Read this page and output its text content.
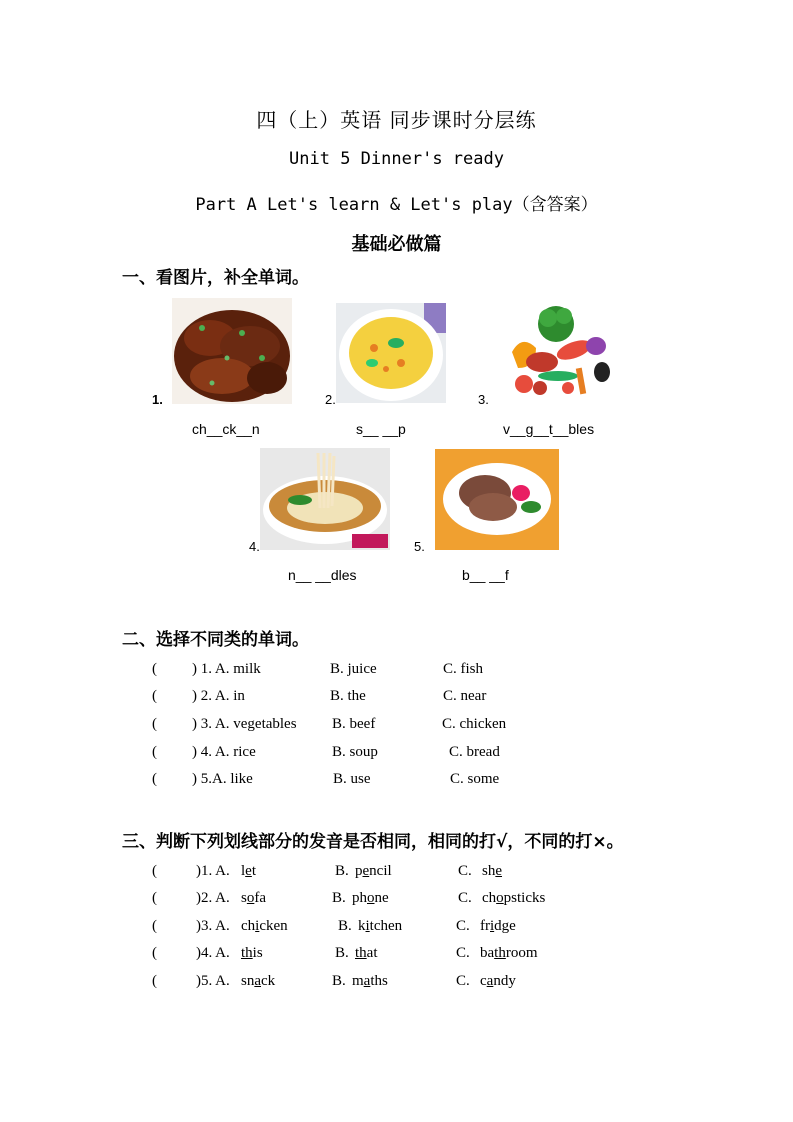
四（上）英语 同步课时分层练
Unit 5 Dinner's ready
Part A Let's learn & Let's play（含答案）
基础必做篇
一、看图片，补全单词。
1.	2.	3.
ch__ck__n	s__ __p	v__g__t__bles
4.	5.
n__ __dles	b__ __f
二、选择不同类的单词。
( ) 1. A. milk	B. juice	C. fish
( ) 2. A. in	B. the	C. near
( ) 3. A. vegetables B. beef	C. chicken
( ) 4. A. rice	B. soup	C. bread
( ) 5.A. like	B. use	C. some
三、判断下列划线部分的发音是否相同，相同的打√，不同的打×。
(	)1. A. let	B. pencil	C. she
(	)2. A. sofa	B. phone	C. chopsticks
(	)3. A. chicken	B. kitchen	C. fridge
(	)4. A. this	B. that	C. bathroom
(	)5. A. snack	B. maths	C. candy
